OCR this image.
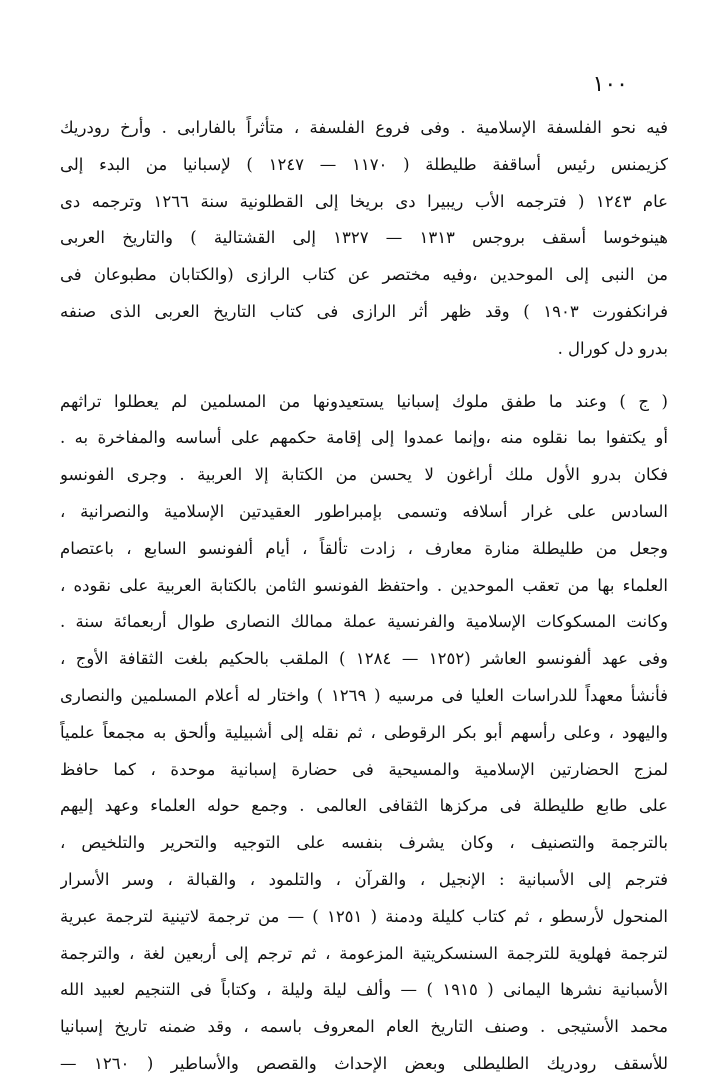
١٠٠

فيه نحو الفلسفة الإسلامية . وفى فروع الفلسفة ، متأثراً بالفارابى . وأرخ رودريك
كزيمنس رئيس أساقفة طليطلة ( ١١٧٠ — ١٢٤٧ ) لإسبانيا من البدء إلى
عام ١٢٤٣ ( فترجمه الأب ريبيرا دى بريخا إلى القطلونية سنة ١٢٦٦ وترجمه دى
هينوخوسا أسقف بروجس ١٣١٣ — ١٣٢٧ إلى القشتالية ) والتاريخ العربى
من النبى إلى الموحدين ،وفيه مختصر عن كتاب الرازى (والكتابان مطبوعان فى
فرانكفورت ١٩٠٣ ) وقد ظهر أثر الرازى فى كتاب التاريخ العربى الذى صنفه
بدرو دل كورال .
( ج ) وعند ما طفق ملوك إسبانيا يستعيدونها من المسلمين لم يعطلوا تراثهم
أو يكتفوا بما نقلوه منه ،وإنما عمدوا إلى إقامة حكمهم على أساسه والمفاخرة به .
فكان بدرو الأول ملك أراغون لا يحسن من الكتابة إلا العربية . وجرى الفونسو
السادس على غرار أسلافه وتسمى بإمبراطور العقيدتين الإسلامية والنصرانية ،
وجعل من طليطلة منارة معارف ، زادت تألقاً ، أيام ألفونسو السابع ، باعتصام
العلماء بها من تعقب الموحدين . واحتفظ الفونسو الثامن بالكتابة العربية على نقوده ،
وكانت المسكوكات الإسلامية والفرنسية عملة ممالك النصارى طوال أربعمائة سنة .
وفى عهد ألفونسو العاشر (١٢٥٢ — ١٢٨٤ ) الملقب بالحكيم بلغت الثقافة الأوج ،
فأنشأ معهداً للدراسات العليا فى مرسيه ( ١٢٦٩ ) واختار له أعلام المسلمين والنصارى
واليهود ، وعلى رأسهم أبو بكر الرقوطى ، ثم نقله إلى أشبيلية وألحق به مجمعاً علمياً
لمزج الحضارتين الإسلامية والمسيحية فى حضارة إسبانية موحدة ، كما حافظ
على طابع طليطلة فى مركزها الثقافى العالمى . وجمع حوله العلماء وعهد إليهم
بالترجمة والتصنيف ، وكان يشرف بنفسه على التوجيه والتحرير والتلخيص ،
فترجم إلى الأسبانية : الإنجيل ، والقرآن ، والتلمود ، والقبالة ، وسر الأسرار
المنحول لأرسطو ، ثم كتاب كليلة ودمنة ( ١٢٥١ ) — من ترجمة لاتينية لترجمة عبرية
لترجمة فهلوية للترجمة السنسكريتية المزعومة ، ثم ترجم إلى أربعين لغة ، والترجمة
الأسبانية نشرها اليمانى ( ١٩١٥ ) — وألف ليلة وليلة ، وكتاباً فى التنجيم لعبيد الله
محمد الأستيجى . وصنف التاريخ العام المعروف باسمه ، وقد ضمنه تاريخ إسبانيا
للأسقف رودريك الطليطلى وبعض الإحداث والقصص والأساطير ( ١٢٦٠ —
